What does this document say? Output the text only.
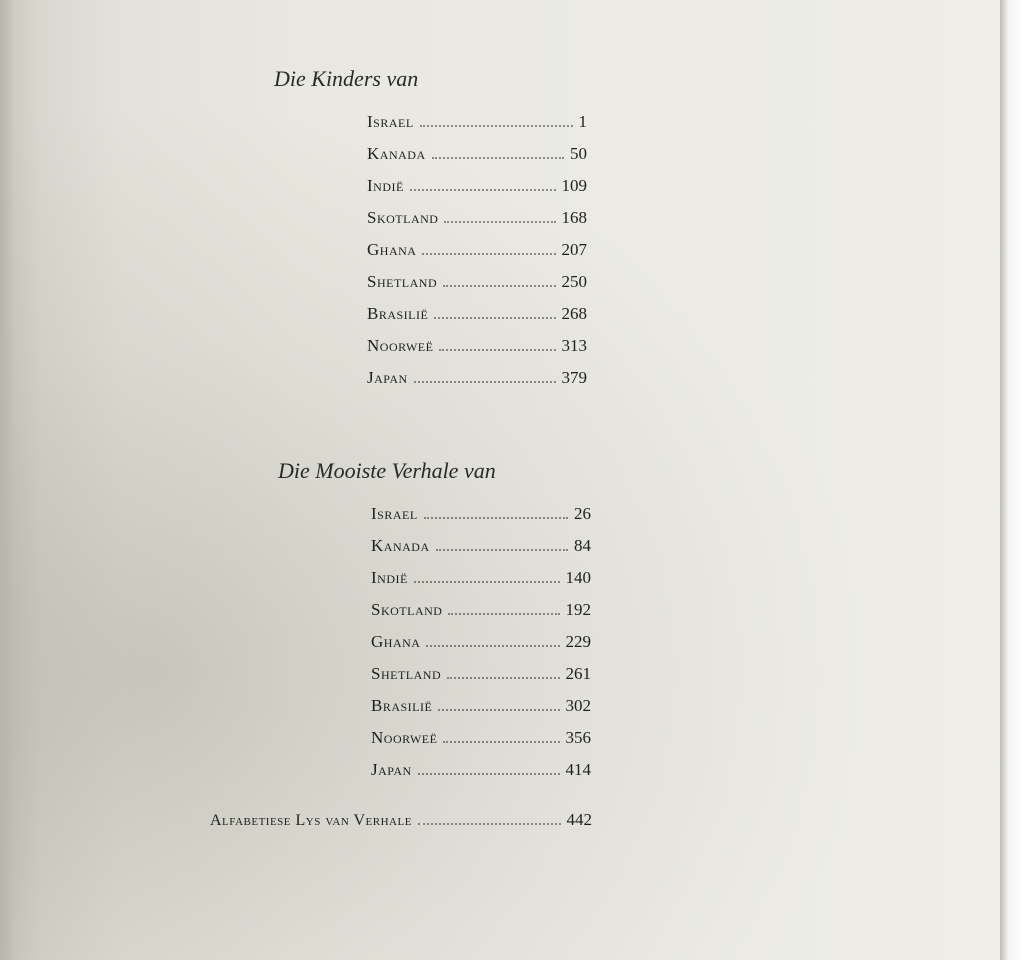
​
Die Kinders van
Israel	1
Kanada	50
Indië	109
Skotland	168
Ghana	207
Shetland	250
Brasilië	268
Noorweë	313
Japan	379
Die Mooiste Verhale van
Israel	26
Kanada	84
Indië	140
Skotland	192
Ghana	229
Shetland	261
Brasilië	302
Noorweë	356
Japan	414
Alfabetiese Lys van Verhale	442
